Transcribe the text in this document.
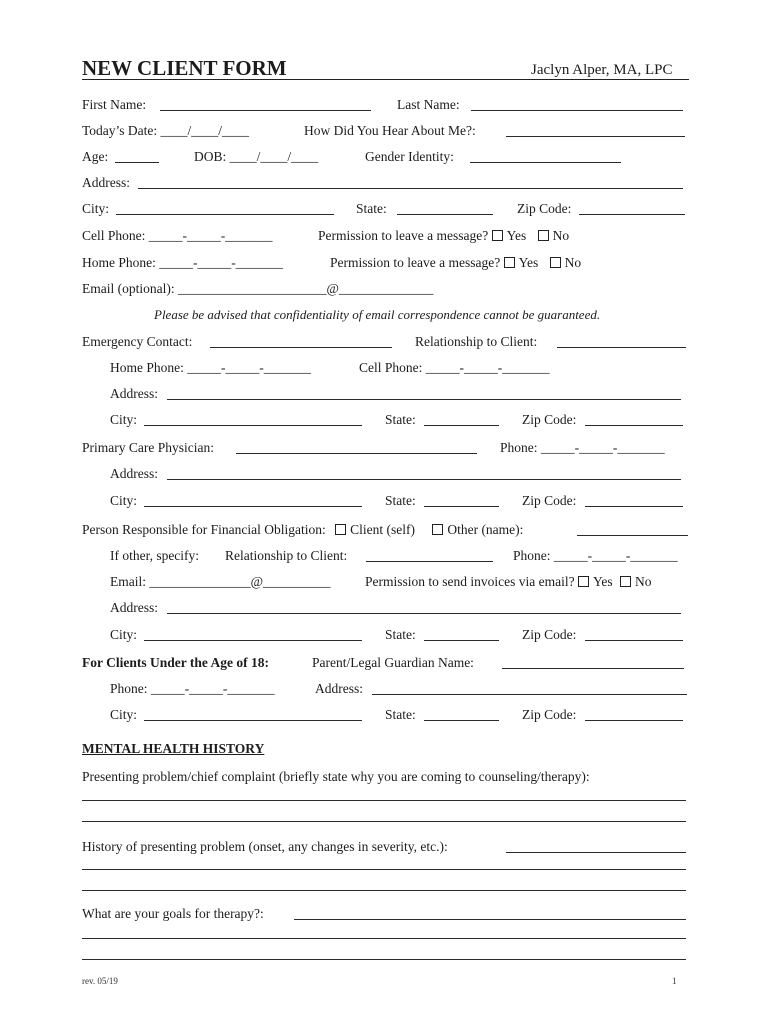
NEW CLIENT FORM	Jaclyn Alper, MA, LPC
First Name:	Last Name:
Today’s Date: ____/____/____	How Did You Hear About Me?:
Age:	DOB: ____/____/____	Gender Identity:
Address:
City:	State:	Zip Code:
Cell Phone: _____-_____-_______	Permission to leave a message? Yes No
Home Phone: _____-_____-_______	Permission to leave a message? Yes No
Email (optional): ______________________@______________
Please be advised that confidentiality of email correspondence cannot be guaranteed.
Emergency Contact:	Relationship to Client:
Home Phone: _____-_____-_______	Cell Phone: _____-_____-_______
Address:
City:	State:	Zip Code:
Primary Care Physician:	Phone: _____-_____-_______
Address:
City:	State:	Zip Code:
Person Responsible for Financial Obligation: Client (self) Other (name):
If other, specify: Relationship to Client:	Phone: _____-_____-_______
Email: _______________@__________	Permission to send invoices via email? Yes No
Address:
City:	State:	Zip Code:
For Clients Under the Age of 18:	Parent/Legal Guardian Name:
Phone: _____-_____-_______	Address:
City:	State:	Zip Code:
MENTAL HEALTH HISTORY
Presenting problem/chief complaint (briefly state why you are coming to counseling/therapy):
History of presenting problem (onset, any changes in severity, etc.):
What are your goals for therapy?:
rev. 05/19	1
